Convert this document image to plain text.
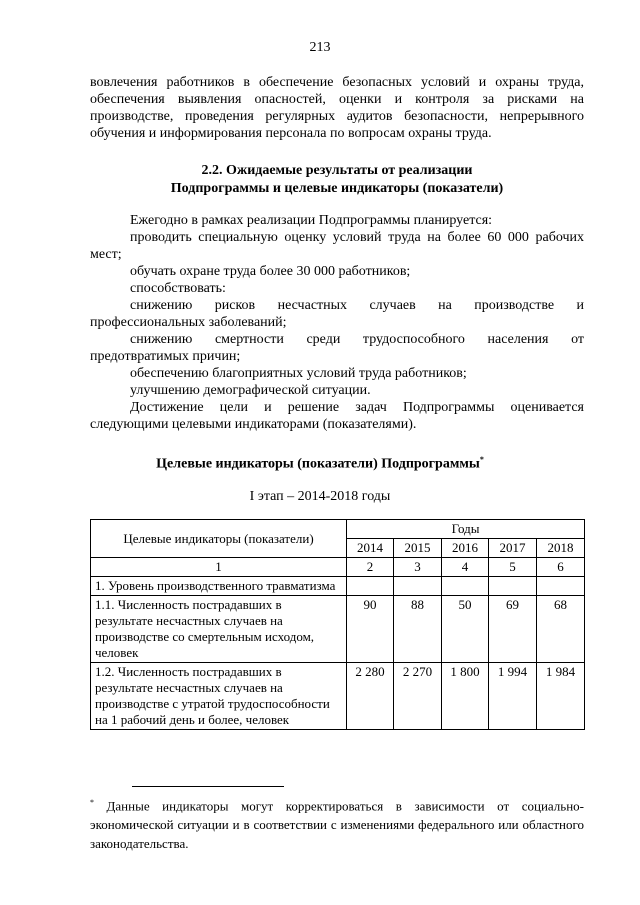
213
вовлечения работников в обеспечение безопасных условий и охраны труда, обеспечения выявления опасностей, оценки и контроля за рисками на производстве, проведения регулярных аудитов безопасности, непрерывного обучения и информирования персонала по вопросам охраны труда.
2.2. Ожидаемые результаты от реализации
Подпрограммы и целевые индикаторы (показатели)

Ежегодно в рамках реализации Подпрограммы планируется:

проводить специальную оценку условий труда на более 60 000 рабочих мест;

обучать охране труда более 30 000 работников;

способствовать:

снижению рисков несчастных случаев на производстве и профессиональных заболеваний;

снижению смертности среди трудоспособного населения от предотвратимых причин;

обеспечению благоприятных условий труда работников;

улучшению демографической ситуации.

Достижение цели и решение задач Подпрограммы оценивается следующими целевыми индикаторами (показателями).

Целевые индикаторы (показатели) Подпрограммы*
I этап – 2014-2018 годы
Целевые индикаторы (показатели)	Годы				
	2014	2015	2016	2017	2018
1	2	3	4	5	6
1. Уровень производственного травматизма					
1.1. Численность пострадавших в результате несчастных случаев на производстве со смертельным исходом, человек	90	88	50	69	68
1.2. Численность пострадавших в результате несчастных случаев на производстве с утратой трудоспособности на 1 рабочий день и более, человек	2 280	2 270	1 800	1 994	1 984
* Данные индикаторы могут корректироваться в зависимости от социально-экономической ситуации и в соответствии с изменениями федерального или областного законодательства.
